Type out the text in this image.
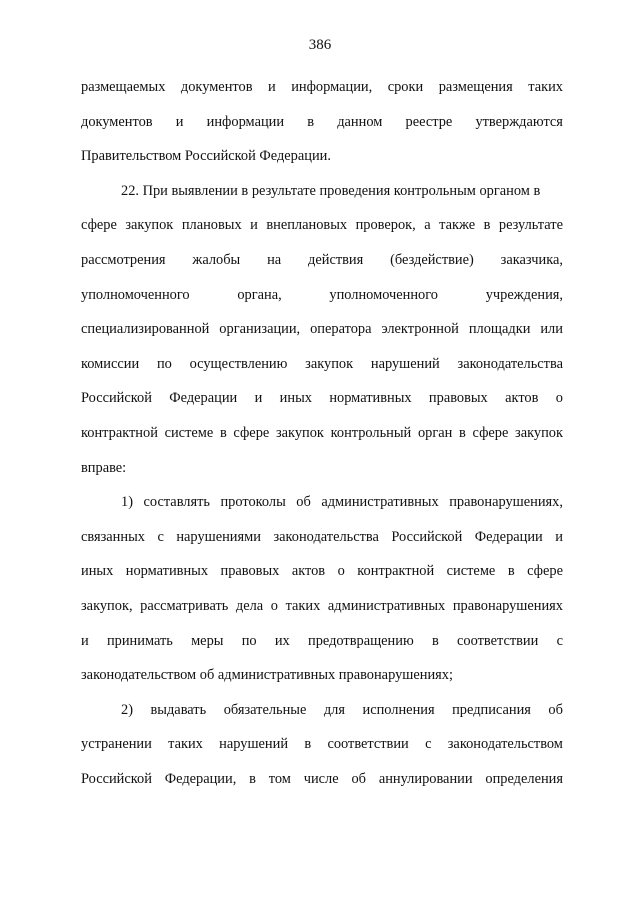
386
размещаемых документов и информации, сроки размещения таких
документов и информации в данном реестре утверждаются
Правительством Российской Федерации.
22. При выявлении в результате проведения контрольным органом в
сфере закупок плановых и внеплановых проверок, а также в результате
рассмотрения жалобы на действия (бездействие) заказчика,
уполномоченного	органа,	уполномоченного	учреждения,
специализированной организации, оператора электронной площадки или
комиссии по осуществлению закупок нарушений законодательства
Российской Федерации и иных нормативных правовых актов о
контрактной системе в сфере закупок контрольный орган в сфере закупок
вправе:
1) составлять протоколы об административных правонарушениях,
связанных с нарушениями законодательства Российской Федерации и
иных нормативных правовых актов о контрактной системе в сфере
закупок, рассматривать дела о таких административных правонарушениях
и принимать меры по их предотвращению в соответствии с
законодательством об административных правонарушениях;
2) выдавать обязательные для исполнения предписания об
устранении таких нарушений в соответствии с законодательством
Российской Федерации, в том числе об аннулировании определения
